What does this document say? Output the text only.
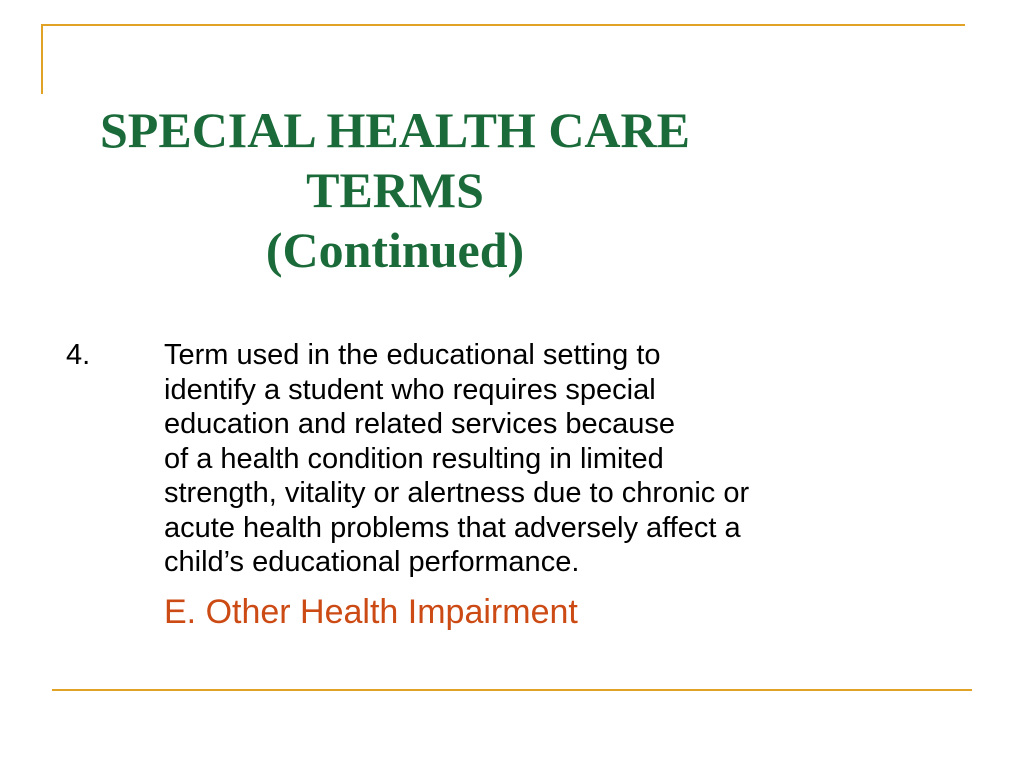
SPECIAL HEALTH CARE
TERMS
(Continued)
4.	Term used in the educational setting to
identify a student who requires special
education and related services because
of a health condition resulting in limited
strength, vitality or alertness due to chronic or
acute health problems that adversely affect a
child’s educational performance.
E. Other Health Impairment
